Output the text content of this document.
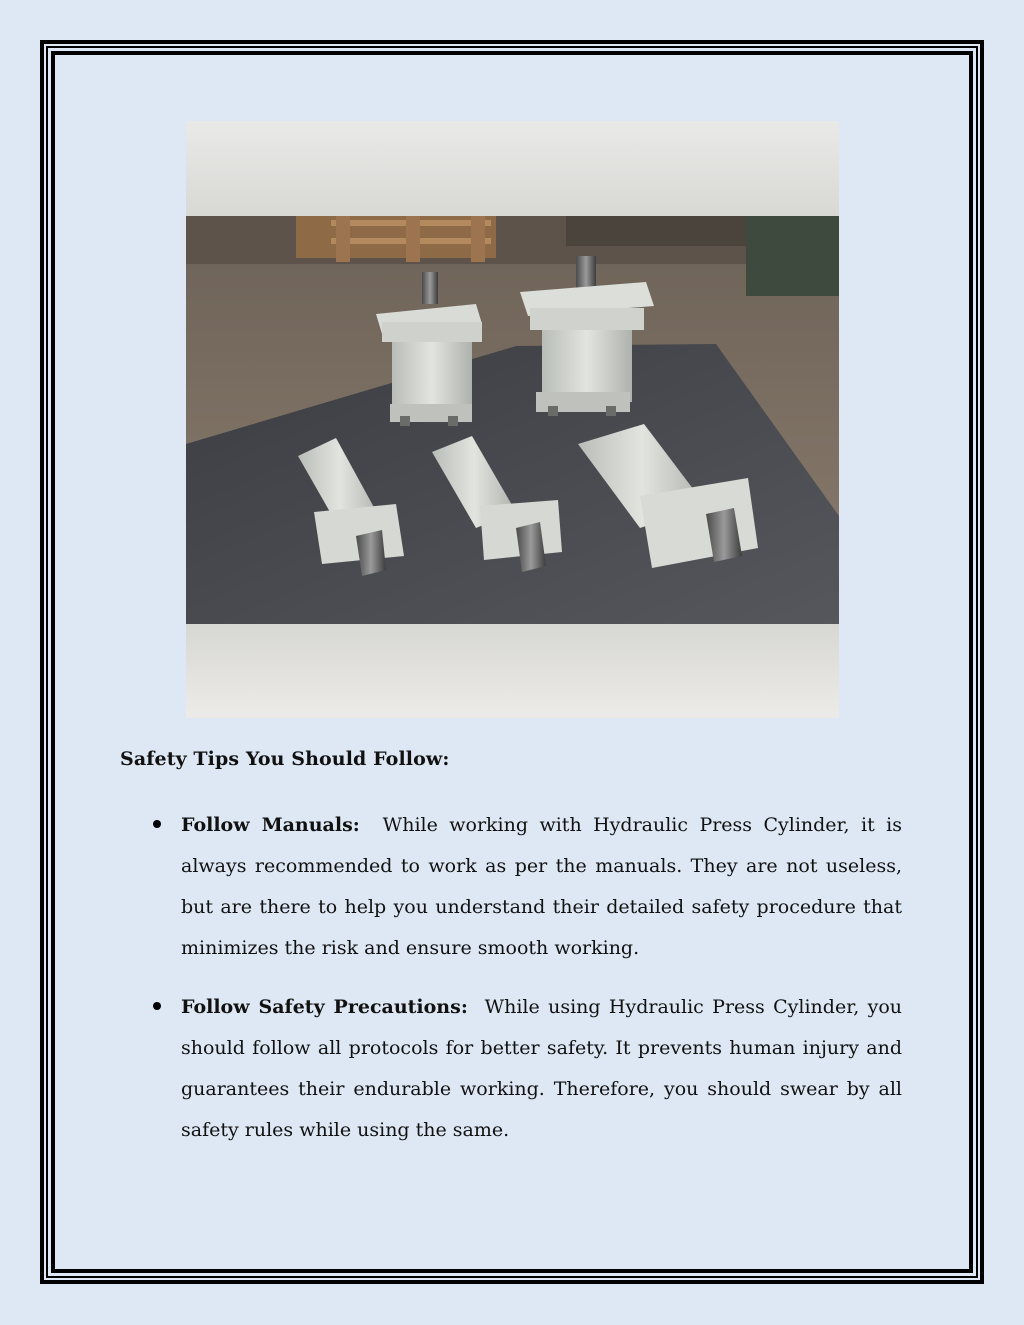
Safety Tips You Should Follow:
Follow Manuals: While working with Hydraulic Press Cylinder, it is always recommended to work as per the manuals. They are not useless, but are there to help you understand their detailed safety procedure that minimizes the risk and ensure smooth working.
Follow Safety Precautions: While using Hydraulic Press Cylinder, you should follow all protocols for better safety. It prevents human injury and guarantees their endurable working. Therefore, you should swear by all safety rules while using the same.
